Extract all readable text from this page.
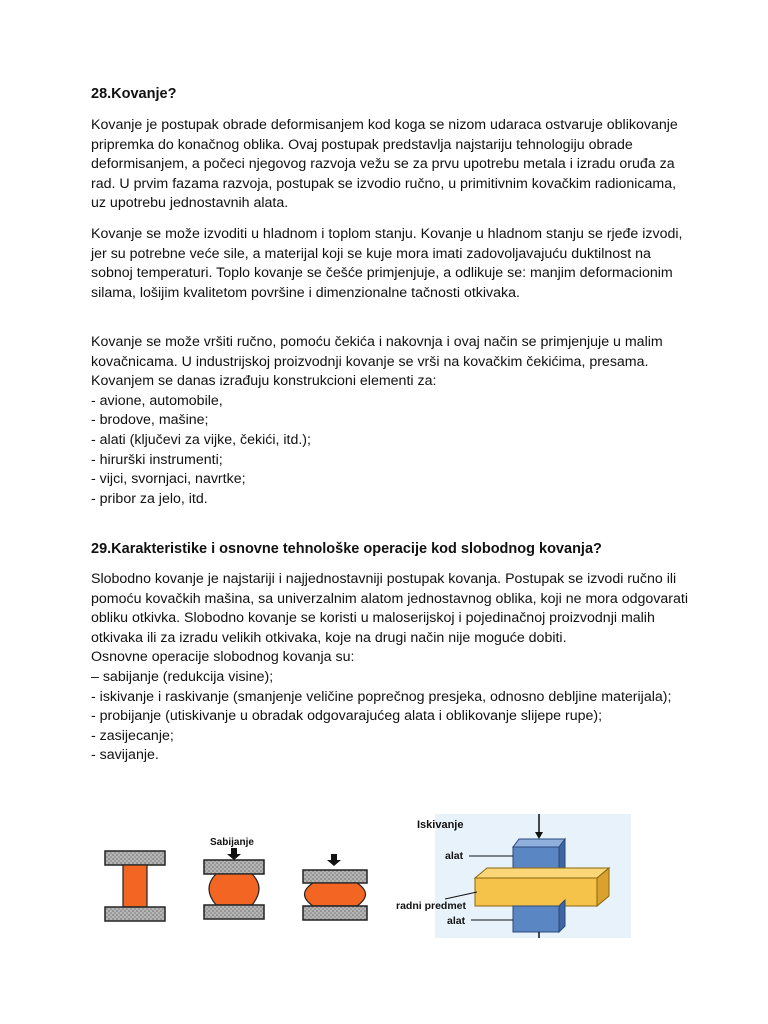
28.Kovanje?

Kovanje je postupak obrade deformisanjem kod koga se nizom udaraca ostvaruje oblikovanje pripremka do konačnog oblika. Ovaj postupak predstavlja najstariju tehnologiju obrade deformisanjem, a počeci njegovog razvoja vežu se za prvu upotrebu metala i izradu oruđa za rad. U prvim fazama razvoja, postupak se izvodio ručno, u primitivnim kovačkim radionicama, uz upotrebu jednostavnih alata.

Kovanje se može izvoditi u hladnom i toplom stanju. Kovanje u hladnom stanju se rjeđe izvodi, jer su potrebne veće sile, a materijal koji se kuje mora imati zadovoljavajuću duktilnost na sobnoj temperaturi. Toplo kovanje se češće primjenjuje, a odlikuje se: manjim deformacionim silama, lošijim kvalitetom površine i dimenzionalne tačnosti otkivaka.

Kovanje se može vršiti ručno, pomoću čekića i nakovnja i ovaj način se primjenjuje u malim kovačnicama. U industrijskoj proizvodnji kovanje se vrši na kovačkim čekićima, presama.

Kovanjem se danas izrađuju konstrukcioni elementi za:

- avione, automobile,
- brodove, mašine;
- alati (ključevi za vijke, čekići, itd.);
- hirurški instrumenti;
- vijci, svornjaci, navrtke;
- pribor za jelo, itd.

29.Karakteristike i osnovne tehnološke operacije kod slobodnog kovanja?

Slobodno kovanje je najstariji i najjednostavniji postupak kovanja. Postupak se izvodi ručno ili pomoću kovačkih mašina, sa univerzalnim alatom jednostavnog oblika, koji ne mora odgovarati obliku otkivka. Slobodno kovanje se koristi u maloserijskoj i pojedinačnoj proizvodnji malih otkivaka ili za izradu velikih otkivaka, koje na drugi način nije moguće dobiti.

Osnovne operacije slobodnog kovanja su:

– sabijanje (redukcija visine);
- iskivanje i raskivanje (smanjenje veličine poprečnog presjeka, odnosno debljine materijala);
- probijanje (utiskivanje u obradak odgovarajućeg alata i oblikovanje slijepe rupe);
- zasijecanje;
- savijanje.
Sabijanje
Iskivanje
alat
radni predmet
alat
